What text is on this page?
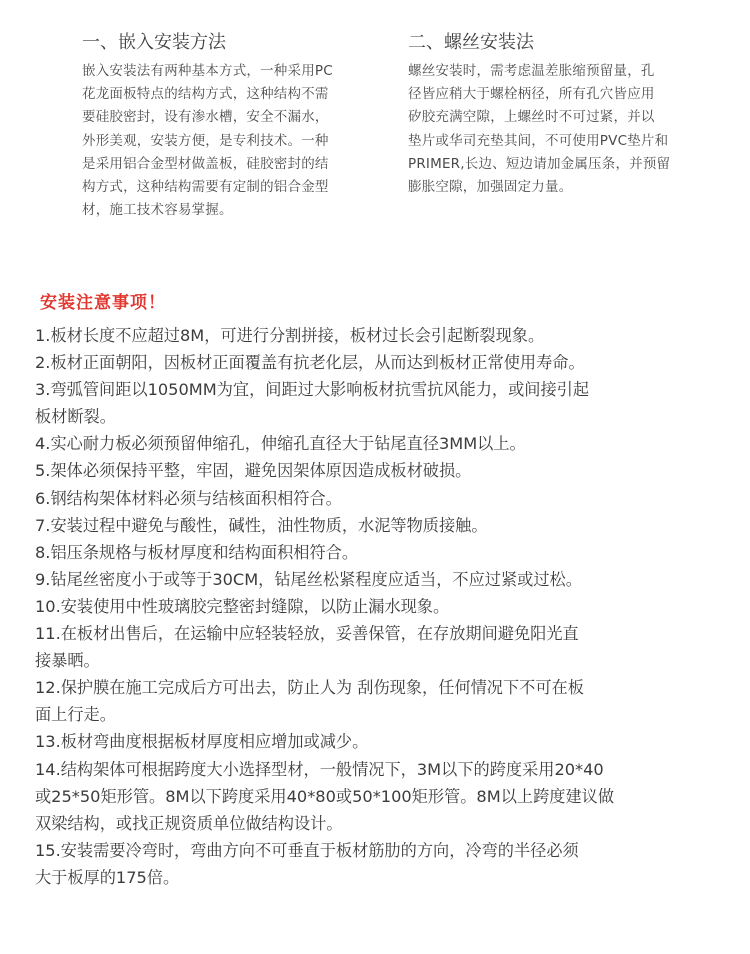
一、嵌入安装方法
嵌入安装法有两种基本方式，一种采用PC
花龙面板特点的结构方式，这种结构不需
要硅胶密封，设有渗水槽，安全不漏水，
外形美观，安装方便，是专利技术。一种
是采用铝合金型材做盖板，硅胶密封的结
构方式，这种结构需要有定制的铝合金型
材，施工技术容易掌握。
二、螺丝安装法
螺丝安装时，需考虑温差胀缩预留量，孔
径皆应稍大于螺栓柄径，所有孔穴皆应用
矽胶充满空隙，上螺丝时不可过紧，并以
垫片或华司充垫其间，不可使用PVC垫片和
PRIMER,长边、短边请加金属压条，并预留
膨胀空隙，加强固定力量。
安装注意事项！
1.板材长度不应超过8M，可进行分割拼接，板材过长会引起断裂现象。
2.板材正面朝阳，因板材正面覆盖有抗老化层，从而达到板材正常使用寿命。
3.弯弧管间距以1050MM为宜，间距过大影响板材抗雪抗风能力，或间接引起
板材断裂。
4.实心耐力板必须预留伸缩孔，伸缩孔直径大于钻尾直径3MM以上。
5.架体必须保持平整，牢固，避免因架体原因造成板材破损。
6.钢结构架体材料必须与结核面积相符合。
7.安装过程中避免与酸性，碱性，油性物质，水泥等物质接触。
8.铝压条规格与板材厚度和结构面积相符合。
9.钻尾丝密度小于或等于30CM，钻尾丝松紧程度应适当，不应过紧或过松。
10.安装使用中性玻璃胶完整密封缝隙，以防止漏水现象。
11.在板材出售后，在运输中应轻装轻放，妥善保管，在存放期间避免阳光直
接暴晒。
12.保护膜在施工完成后方可出去，防止人为 刮伤现象，任何情况下不可在板
面上行走。
13.板材弯曲度根据板材厚度相应增加或减少。
14.结构架体可根据跨度大小选择型材，一般情况下，3M以下的跨度采用20*40
或25*50矩形管。8M以下跨度采用40*80或50*100矩形管。8M以上跨度建议做
双梁结构，或找正规资质单位做结构设计。
15.安装需要冷弯时，弯曲方向不可垂直于板材筋肋的方向，冷弯的半径必须
大于板厚的175倍。
